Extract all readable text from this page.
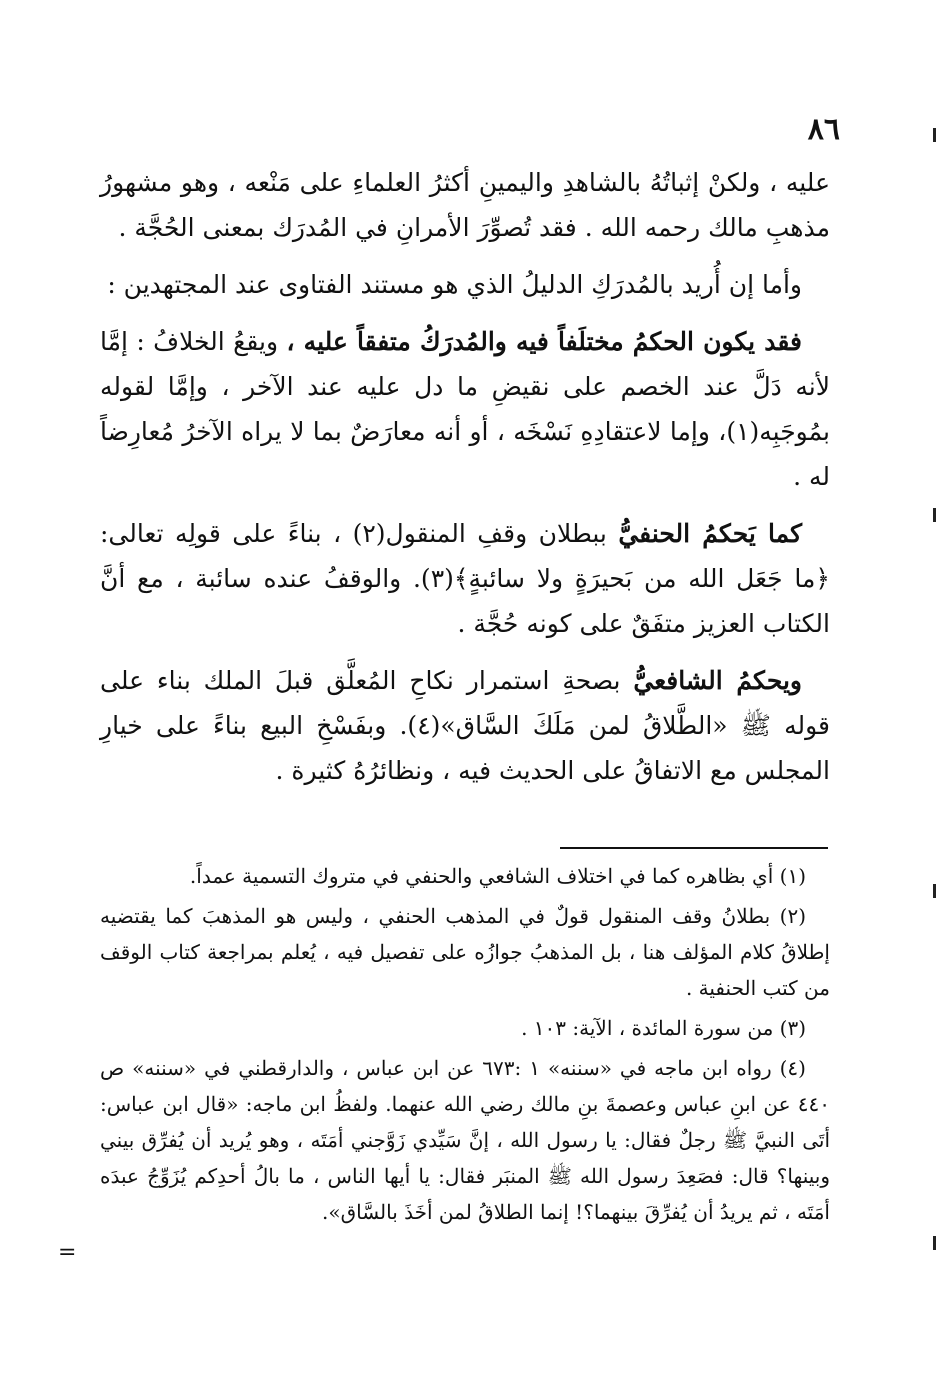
٨٦

عليه ، ولكنْ إثباتُهُ بالشاهدِ واليمينِ أكثرُ العلماءِ على مَنْعه ، وهو مشهورُ مذهبِ مالك رحمه الله . فقد تُصوِّرَ الأمرانِ في المُدرَك بمعنى الحُجَّة .

وأما إن أُريد بالمُدرَكِ الدليلُ الذي هو مستند الفتاوى عند المجتهدين :

فقد يكون الحكمُ مختلَفاً فيه والمُدرَكُ متفقاً عليه ، ويقعُ الخلافُ : إمَّا لأنه دَلَّ عند الخصم على نقيضِ ما دل عليه عند الآخر ، وإمَّا لقوله بمُوجَبِه(١)، وإما لاعتقادِهِ نَسْخَه ، أو أنه معارَضٌ بما لا يراه الآخرُ مُعارِضاً له .

كما يَحكمُ الحنفيُّ ببطلان وقفِ المنقول(٢) ، بناءً على قولِه تعالى: ﴿ما جَعَل الله من بَحيرَةٍ ولا سائبةٍ﴾(٣). والوقفُ عنده سائبة ، مع أنَّ الكتاب العزيز متفَقٌ على كونه حُجَّة .

ويحكمُ الشافعيُّ بصحةِ استمرار نكاحِ المُعلَّق قبلَ الملك بناء على قوله ﷺ «الطَّلاقُ لمن مَلَكَ السَّاق»(٤). وبفَسْخِ البيع بناءً على خيارِ المجلس مع الاتفاقُ على الحديث فيه ، ونظائرُهُ كثيرة .

(١) أي بظاهره كما في اختلاف الشافعي والحنفي في متروك التسمية عمداً.

(٢) بطلانُ وقف المنقول قولٌ في المذهب الحنفي ، وليس هو المذهبَ كما يقتضيه إطلاقُ كلام المؤلف هنا ، بل المذهبُ جوازُه على تفصيل فيه ، يُعلم بمراجعة كتاب الوقف من كتب الحنفية .

(٣) من سورة المائدة ، الآية: ١٠٣ .

(٤) رواه ابن ماجه في «سننه» ١ :٦٧٣ عن ابن عباس ، والدارقطني في «سننه» ص ٤٤٠ عن ابنِ عباس وعصمةَ بنِ مالك رضي الله عنهما. ولفظُ ابن ماجه: «قال ابن عباس: أتَى النبيَّ ﷺ رجلٌ فقال: يا رسول الله ، إنَّ سَيِّدي زَوَّجني أمَتَه ، وهو يُريد أن يُفرِّق بيني وبينها؟ قال: فصَعِدَ رسول الله ﷺ المنبَر فقال: يا أيها الناس ، ما بالُ أحدِكم يُزَوِّجُ عبدَه أمَتَه ، ثم يريدُ أن يُفرِّقَ بينهما؟! إنما الطلاقُ لمن أخَذَ بالسَّاق».

=
